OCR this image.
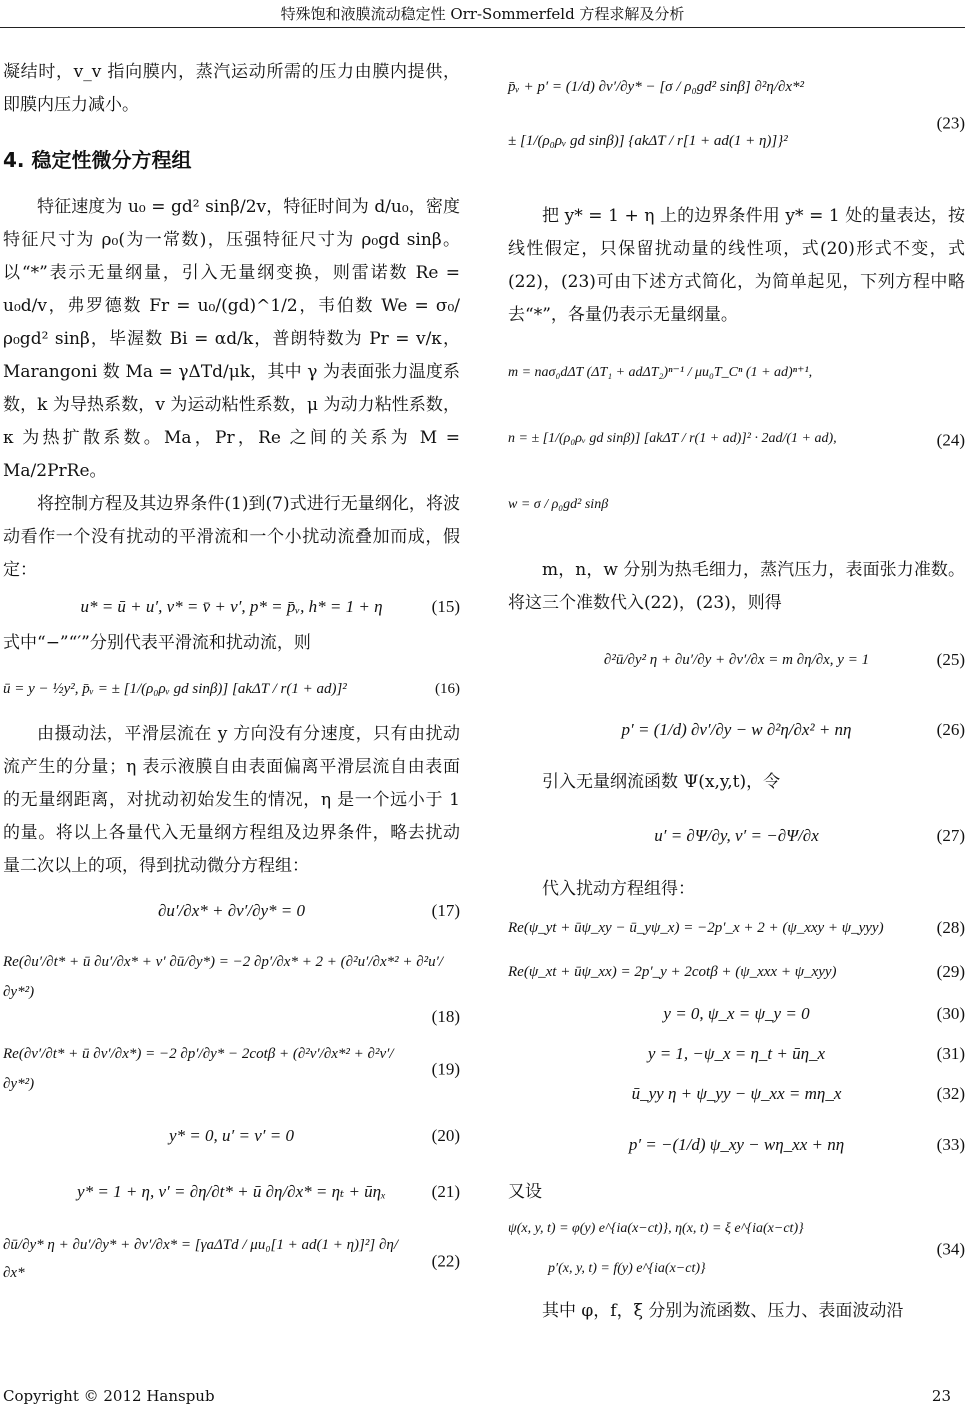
特殊饱和液膜流动稳定性 Orr-Sommerfeld 方程求解及分析

凝结时，v_v 指向膜内，蒸汽运动所需的压力由膜内提供，即膜内压力减小。

4. 稳定性微分方程组

特征速度为 u₀ = gd² sinβ/2v，特征时间为 d/u₀，密度特征尺寸为 ρ₀(为一常数)，压强特征尺寸为 ρ₀gd sinβ。以“*”表示无量纲量，引入无量纲变换，则雷诺数 Re = u₀d/v，弗罗德数 Fr = u₀/(gd)^1/2，韦伯数 We = σ₀/ρ₀gd² sinβ，毕渥数 Bi = αd/k，普朗特数为 Pr = v/κ，Marangoni 数 Ma = γΔTd/μk，其中 γ 为表面张力温度系数，k 为导热系数，v 为运动粘性系数，μ 为动力粘性系数，κ 为热扩散系数。Ma，Pr，Re 之间的关系为 M = Ma/2PrRe。

将控制方程及其边界条件(1)到(7)式进行无量纲化，将波动看作一个没有扰动的平滑流和一个小扰动流叠加而成，假定：

u* = ū + u′, v* = v̄ + v′, p* = p̄ᵥ, h* = 1 + η	(15)

式中“−”“′”分别代表平滑流和扰动流，则

ū = y − ½y², p̄ᵥ = ± [1/(ρ₀ρᵥ gd sinβ)] [akΔT / r(1 + ad)]²	(16)

由摄动法，平滑层流在 y 方向没有分速度，只有由扰动流产生的分量；η 表示液膜自由表面偏离平滑层流自由表面的无量纲距离，对扰动初始发生的情况，η 是一个远小于 1 的量。将以上各量代入无量纲方程组及边界条件，略去扰动量二次以上的项，得到扰动微分方程组：

∂u′/∂x* + ∂v′/∂y* = 0	(17)
Re(∂u′/∂t* + ū ∂u′/∂x* + v′ ∂ū/∂y*) = −2 ∂p′/∂x* + 2 + (∂²u′/∂x*² + ∂²u′/∂y*²)
(18)
Re(∂v′/∂t* + ū ∂v′/∂x*) = −2 ∂p′/∂y* − 2cotβ + (∂²v′/∂x*² + ∂²v′/∂y*²)
(19)
y* = 0, u′ = v′ = 0	(20)
y* = 1 + η, v′ = ∂η/∂t* + ū ∂η/∂x* = ηₜ + ūηₓ	(21)
∂ū/∂y* η + ∂u′/∂y* + ∂v′/∂x* = [γaΔTd / μu₀[1 + ad(1 + η)]²] ∂η/∂x*
(22)
p̄ᵥ + p′ = (1/d) ∂v′/∂y* − [σ / ρ₀gd² sinβ] ∂²η/∂x*²
± [1/(ρ₀ρᵥ gd sinβ)] {akΔT / r[1 + ad(1 + η)]}²
(23)

把 y* = 1 + η 上的边界条件用 y* = 1 处的量表达，按线性假定，只保留扰动量的线性项，式(20)形式不变，式(22)，(23)可由下述方式简化，为简单起见，下列方程中略去“*”，各量仍表示无量纲量。

m = naσ₀dΔT (ΔT₁ + adΔT₂)ⁿ⁻¹ / μu₀T_Cⁿ (1 + ad)ⁿ⁺¹,
n = ± [1/(ρ₀ρᵥ gd sinβ)] [akΔT / r(1 + ad)]² · 2ad/(1 + ad),
w = σ / ρ₀gd² sinβ
(24)

m，n，w 分别为热毛细力，蒸汽压力，表面张力准数。将这三个准数代入(22)，(23)，则得

∂²ū/∂y² η + ∂u′/∂y + ∂v′/∂x = m ∂η/∂x, y = 1	(25)
p′ = (1/d) ∂v′/∂y − w ∂²η/∂x² + nη	(26)

引入无量纲流函数 Ψ(x,y,t)，令

u′ = ∂Ψ/∂y, v′ = −∂Ψ/∂x	(27)

代入扰动方程组得：

Re(ψ_yt + ūψ_xy − ū_yψ_x) = −2p′_x + 2 + (ψ_xxy + ψ_yyy)	(28)
Re(ψ_xt + ūψ_xx) = 2p′_y + 2cotβ + (ψ_xxx + ψ_xyy)	(29)
y = 0, ψ_x = ψ_y = 0	(30)
y = 1, −ψ_x = η_t + ūη_x	(31)
ū_yy η + ψ_yy − ψ_xx = mη_x	(32)
p′ = −(1/d) ψ_xy − wη_xx + nη	(33)

又设

ψ(x, y, t) = φ(y) e^{ia(x−ct)}, η(x, t) = ξ e^{ia(x−ct)}
p′(x, y, t) = f(y) e^{ia(x−ct)}
(34)

其中 φ，f，ξ 分别为流函数、压力、表面波动沿

Copyright © 2012 Hanspub	23
